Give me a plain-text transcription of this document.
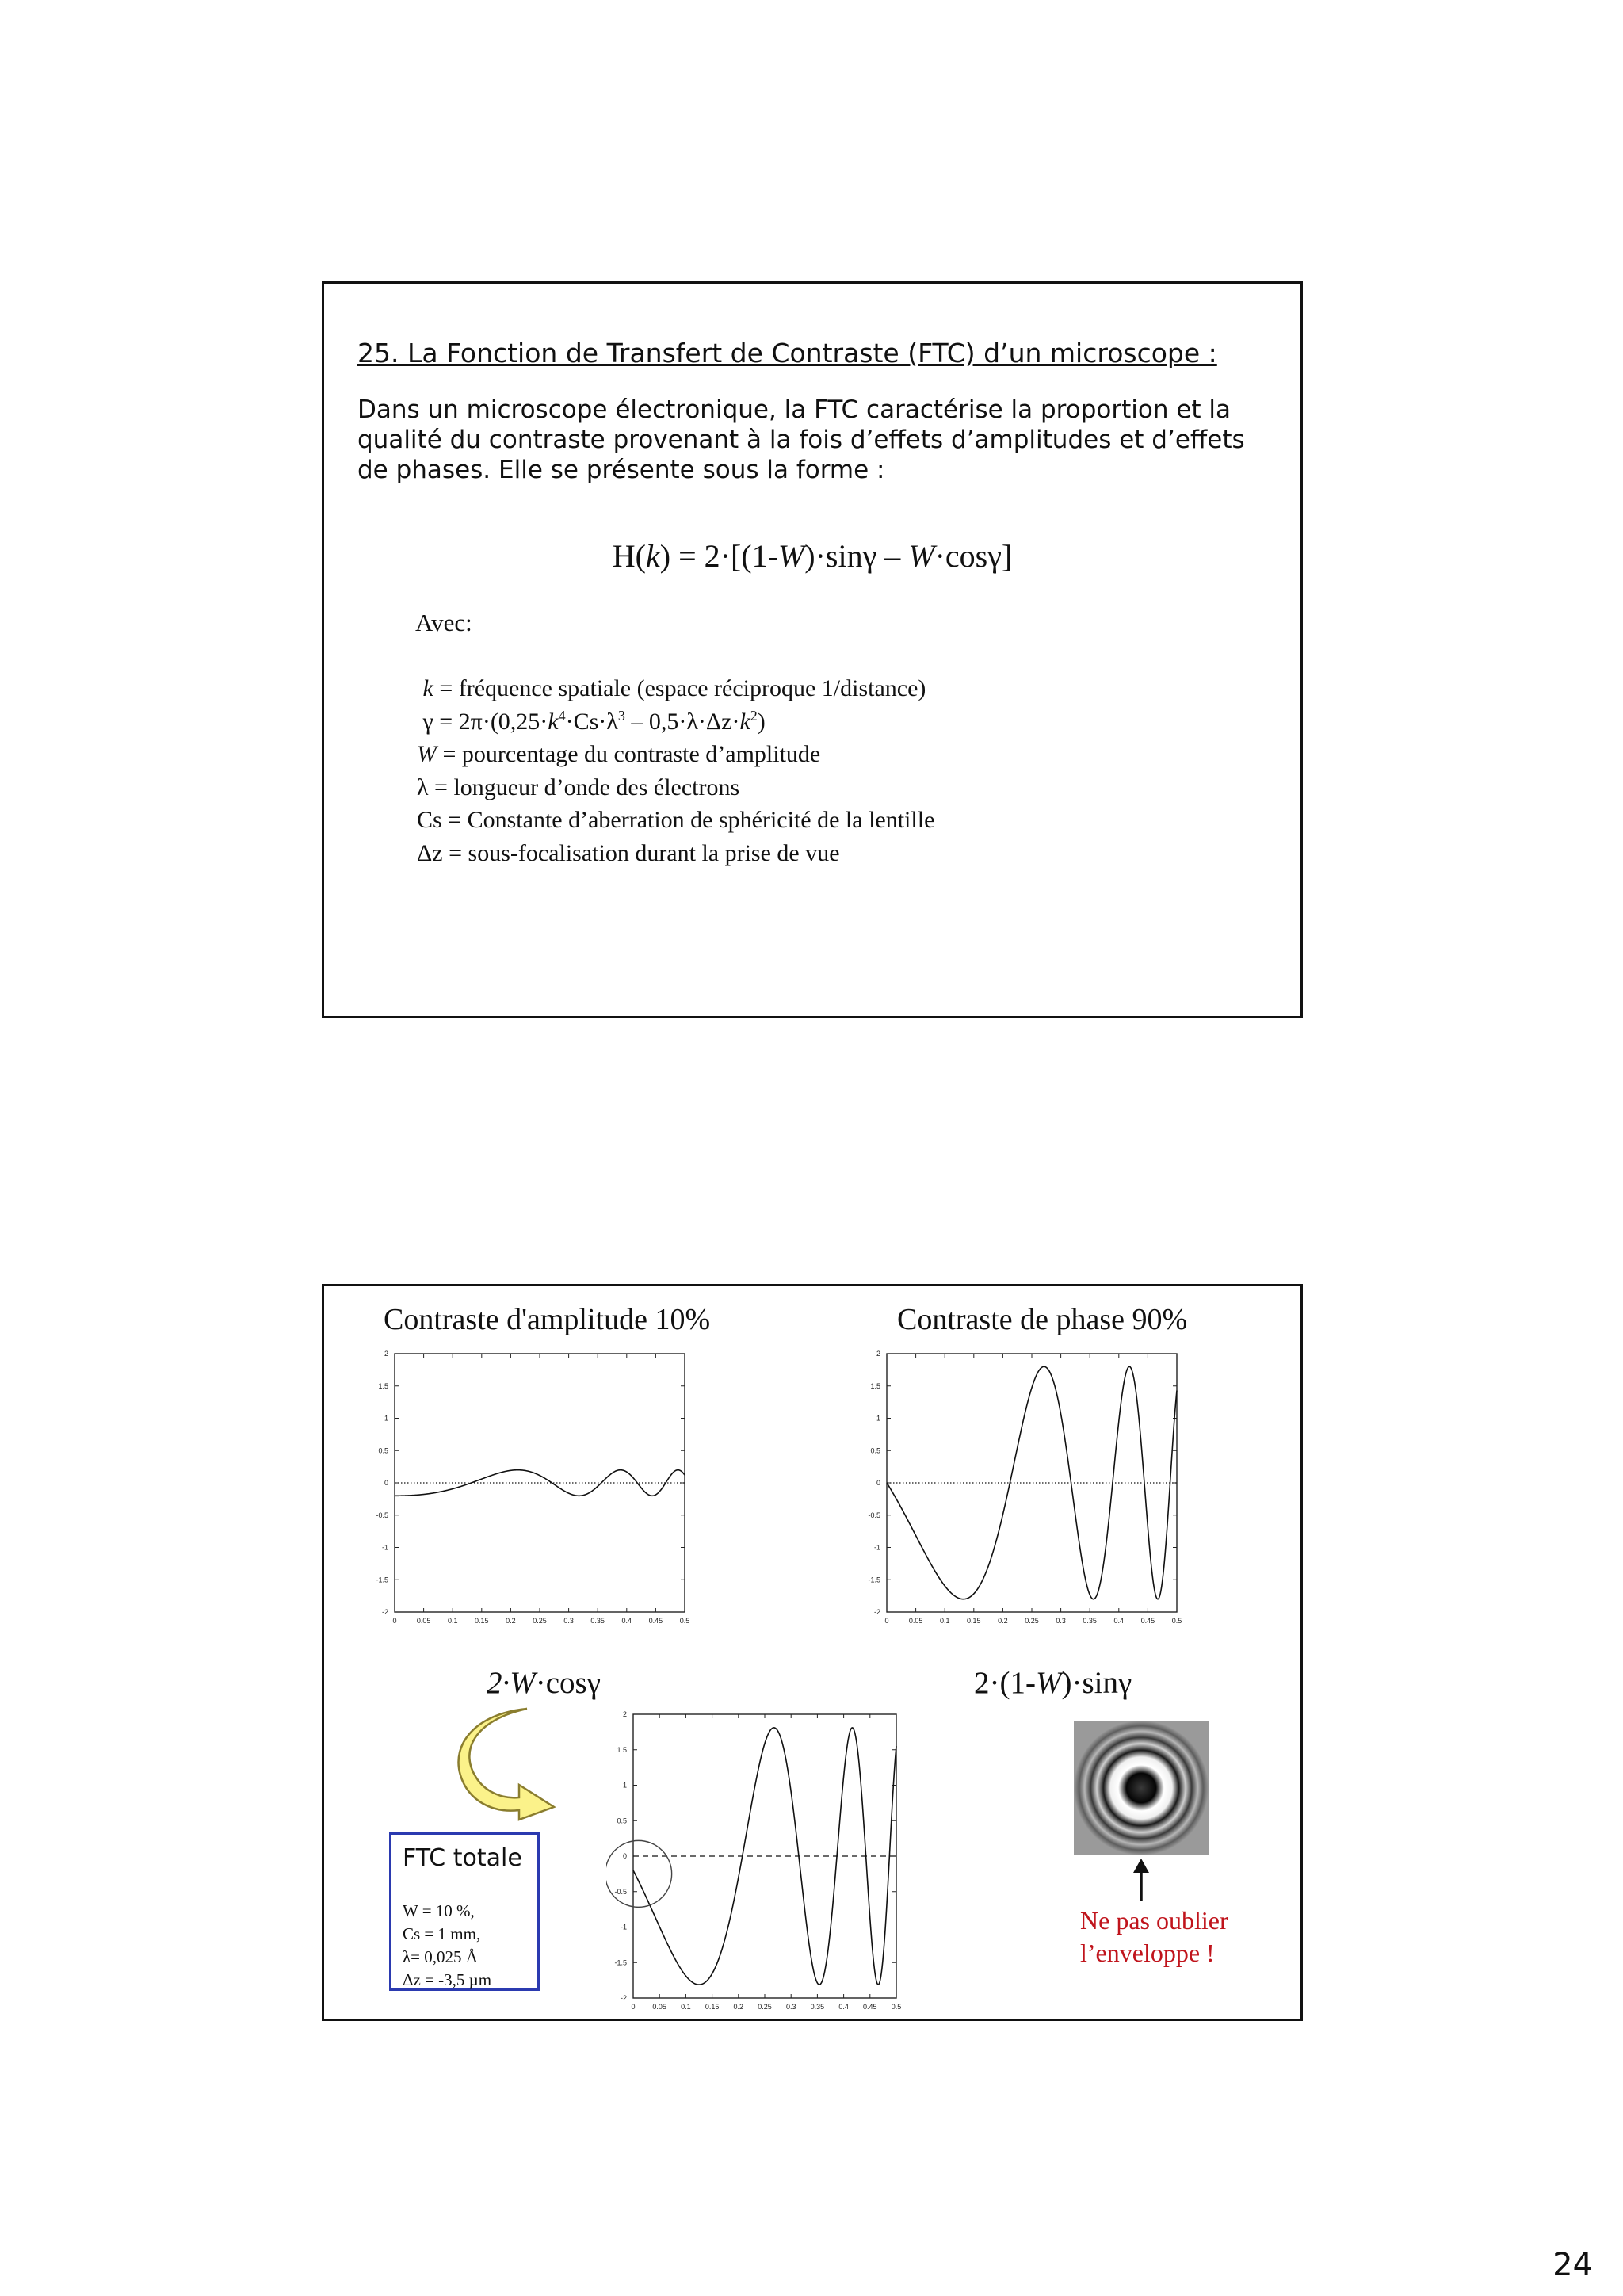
25. La Fonction de Transfert de Contraste (FTC) d’un microscope :
Dans un microscope électronique, la FTC caractérise la proportion et la qualité du contraste provenant à la fois d’effets d’amplitudes et d’effets de phases. Elle se présente sous la forme :
H(k) = 2·[(1-W)·sinγ – W·cosγ]
Avec:
k = fréquence spatiale (espace réciproque 1/distance)
$\gamma = 2\pi\cdot(0,25\cdot k^4\cdot Cs\cdot\lambda^3 - 0,5\cdot\lambda\cdot\Delta z\cdot k^2)$
W = pourcentage du contraste d’amplitude
λ = longueur d’onde des électrons
Cs = Constante d’aberration de sphéricité de la lentille
Δz = sous-focalisation durant la prise de vue
Contraste d'amplitude 10%	Contraste de phase 90%
2
1.5
1
0.5
0
-0.5
-1
-1.5
-2
0	0.05 0.1 0.15 0.2 0.25 0.3 0.35 0.4 0.45 0.5
2
1.5
1
0.5
0
-0.5
-1
-1.5
-2
0	0.05 0.1 0.15 0.2 0.25 0.3 0.35 0.4 0.45 0.5
2·W·cosγ	2·(1-W)·sinγ
FTC totale
W = 10 %,
Cs = 1 mm,
λ= 0,025 Å
Δz = -3,5 µm
2
1.5
1
0.5
0
-0.5
-1
-1.5
-2
0 0.05 0.1 0.15 0.2 0.25 0.3 0.35 0.4 0.45 0.5
Ne pas oublier
l’enveloppe !
24
